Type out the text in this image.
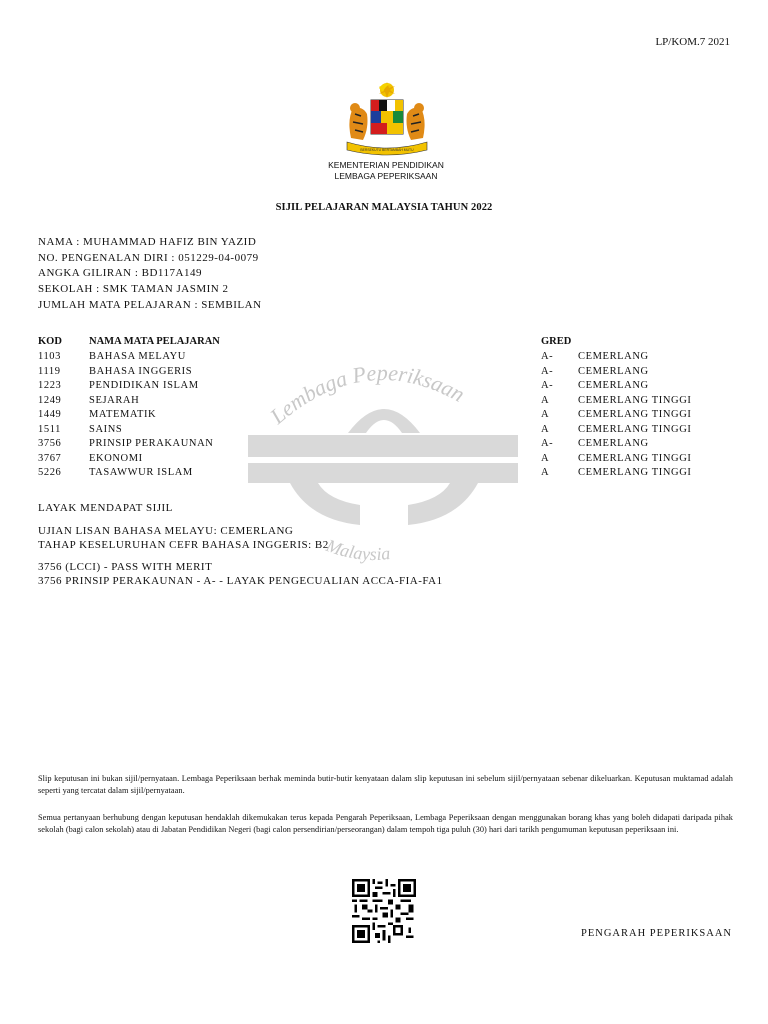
Lembaga Peperiksaan
Malaysia
LP/KOM.7 2021
BERSEKUTU BERTAMBAH MUTU
KEMENTERIAN PENDIDIKAN
LEMBAGA PEPERIKSAAN
SIJIL PELAJARAN MALAYSIA TAHUN 2022
NAMA : MUHAMMAD HAFIZ BIN YAZID
NO. PENGENALAN DIRI : 051229-04-0079
ANGKA GILIRAN : BD117A149
SEKOLAH : SMK TAMAN JASMIN 2
JUMLAH MATA PELAJARAN : SEMBILAN
KOD	NAMA MATA PELAJARAN	GRED
1103	BAHASA MELAYU	A- CEMERLANG
1119	BAHASA INGGERIS	A- CEMERLANG
1223	PENDIDIKAN ISLAM	A- CEMERLANG
1249	SEJARAH	A	CEMERLANG TINGGI
1449	MATEMATIK	A	CEMERLANG TINGGI
1511	SAINS	A	CEMERLANG TINGGI
3756	PRINSIP PERAKAUNAN	A- CEMERLANG
3767	EKONOMI	A	CEMERLANG TINGGI
5226	TASAWWUR ISLAM	A	CEMERLANG TINGGI
LAYAK MENDAPAT SIJIL
UJIAN LISAN BAHASA MELAYU: CEMERLANG
TAHAP KESELURUHAN CEFR BAHASA INGGERIS: B2
3756 (LCCI) - PASS WITH MERIT
3756 PRINSIP PERAKAUNAN - A- - LAYAK PENGECUALIAN ACCA-FIA-FA1
Slip keputusan ini bukan sijil/pernyataan. Lembaga Peperiksaan berhak meminda butir-butir kenyataan dalam slip keputusan ini sebelum sijil/pernyataan sebenar dikeluarkan. Keputusan muktamad adalah seperti yang tercatat dalam sijil/pernyataan.
Semua pertanyaan berhubung dengan keputusan hendaklah dikemukakan terus kepada Pengarah Peperiksaan, Lembaga Peperiksaan dengan menggunakan borang khas yang boleh didapati daripada pihak sekolah (bagi calon sekolah) atau di Jabatan Pendidikan Negeri (bagi calon persendirian/perseorangan) dalam tempoh tiga puluh (30) hari dari tarikh pengumuman keputusan peperiksaan ini.
PENGARAH PEPERIKSAAN
